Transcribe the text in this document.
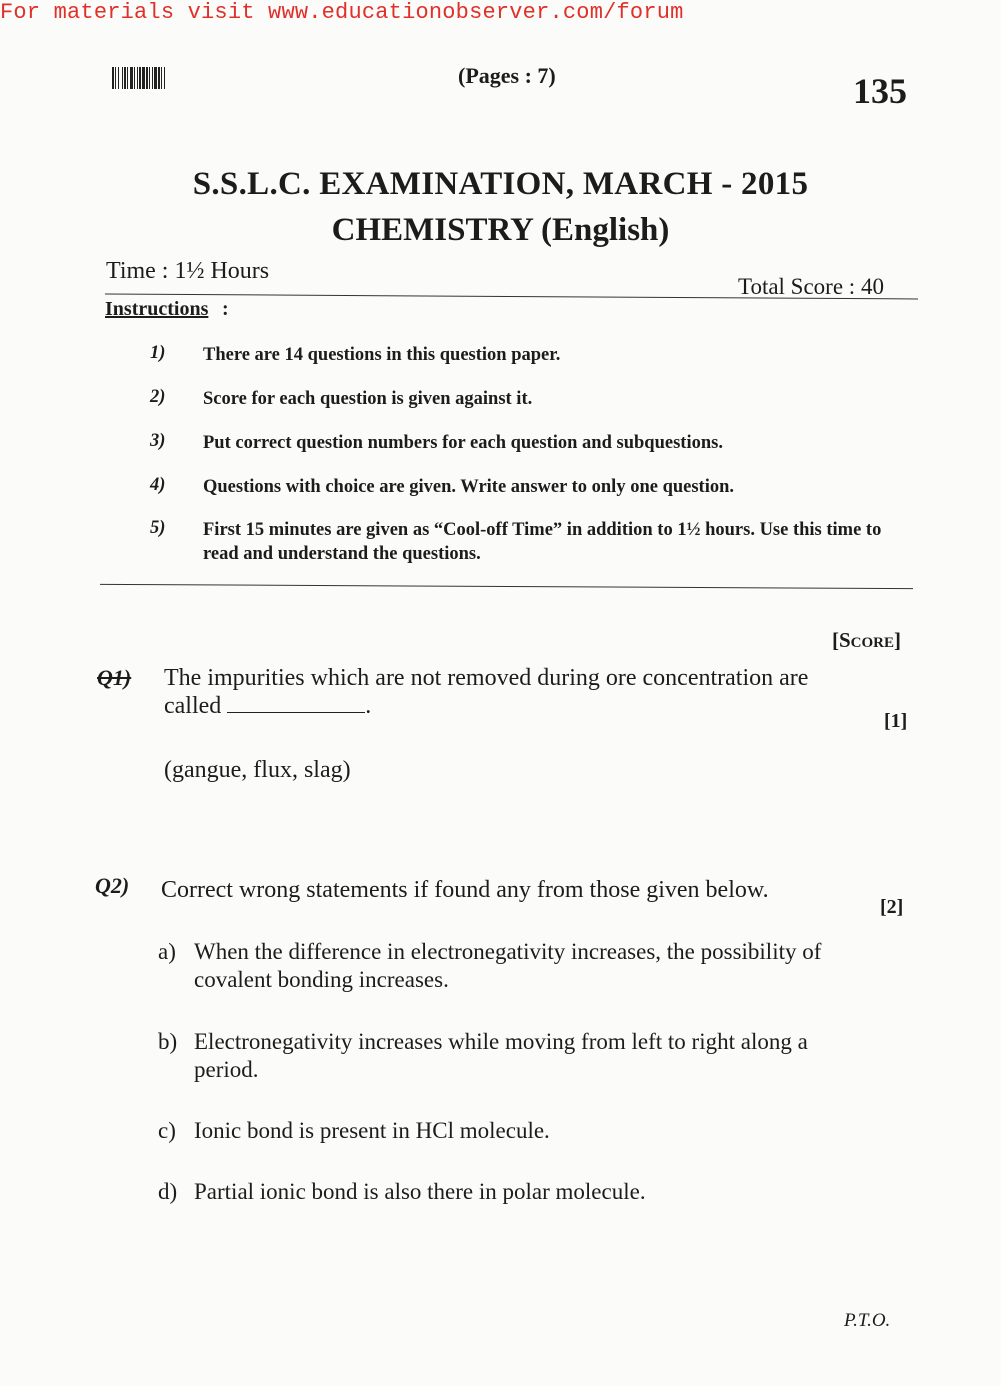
For materials visit www.educationobserver.com/forum
(Pages : 7)	135
S.S.L.C. EXAMINATION, MARCH - 2015
CHEMISTRY (English)
Time : 1½ Hours
Total Score : 40
Instructions :
1) There are 14 questions in this question paper.
2) Score for each question is given against it.
3) Put correct question numbers for each question and subquestions.
4) Questions with choice are given. Write answer to only one question.
5) First 15 minutes are given as “Cool-off Time” in addition to 1½ hours. Use this time to read and understand the questions.
[Score]
Q1) The impurities which are not removed during ore concentration are called	.
[1]
(gangue, flux, slag)
Q2) Correct wrong statements if found any from those given below.
[2]
a) When the difference in electronegativity increases, the possibility of covalent bonding increases.
b) Electronegativity increases while moving from left to right along a period.
c) Ionic bond is present in HCl molecule.
d) Partial ionic bond is also there in polar molecule.
P.T.O.
